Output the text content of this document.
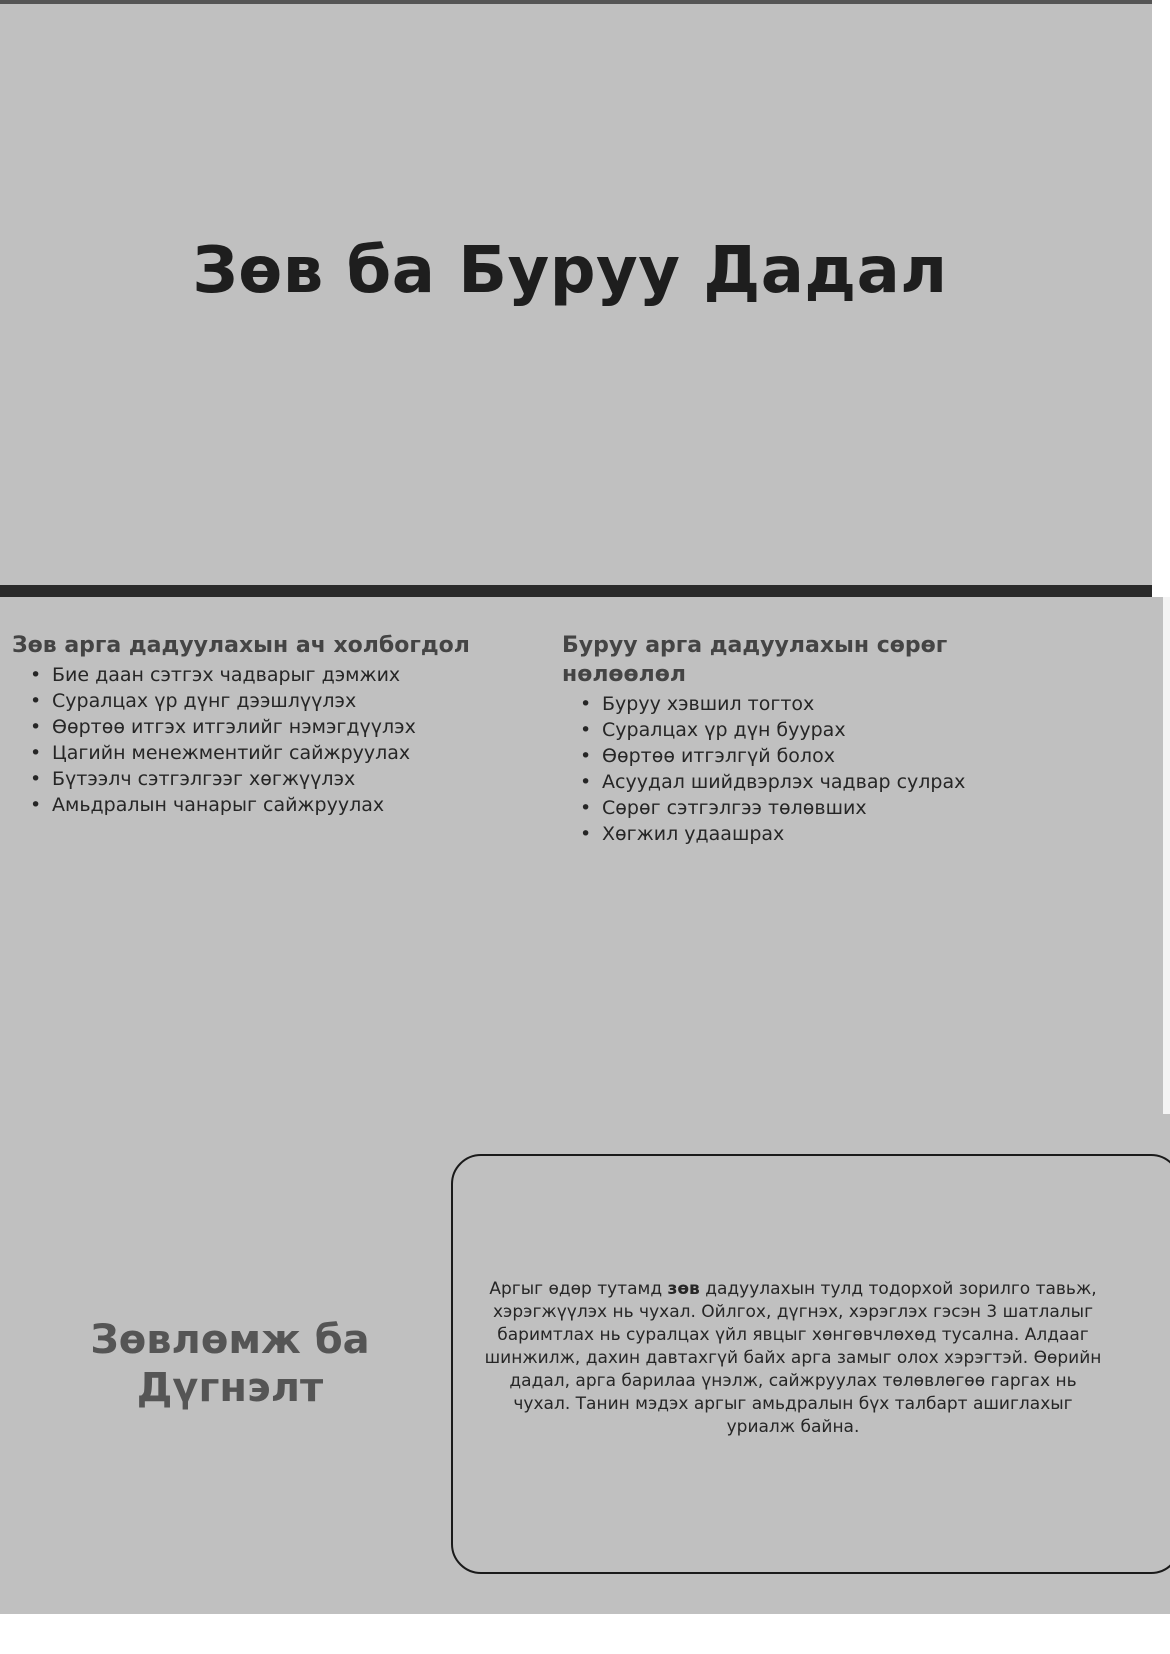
Зөв ба Буруу Дадал
Зөв арга дадуулахын ач холбогдол
• Бие даан сэтгэх чадварыг дэмжих
• Суралцах үр дүнг дээшлүүлэх
• Өөртөө итгэх итгэлийг нэмэгдүүлэх
• Цагийн менежментийг сайжруулах
• Бүтээлч сэтгэлгээг хөгжүүлэх
• Амьдралын чанарыг сайжруулах
Буруу арга дадуулахын сөрөг нөлөөлөл
• Буруу хэвшил тогтох
• Суралцах үр дүн буурах
• Өөртөө итгэлгүй болох
• Асуудал шийдвэрлэх чадвар сулрах
• Сөрөг сэтгэлгээ төлөвших
• Хөгжил удаашрах
Зөвлөмж ба Дүгнэлт
Аргыг өдөр тутамд зөв дадуулахын тулд тодорхой зорилго тавьж, хэрэгжүүлэх нь чухал. Ойлгох, дүгнэх, хэрэглэх гэсэн 3 шатлалыг баримтлах нь суралцах үйл явцыг хөнгөвчлөхөд тусална. Алдааг шинжилж, дахин давтахгүй байх арга замыг олох хэрэгтэй. Өөрийн дадал, арга барилаа үнэлж, сайжруулах төлөвлөгөө гаргах нь чухал. Танин мэдэх аргыг амьдралын бүх талбарт ашиглахыг уриалж байна.
